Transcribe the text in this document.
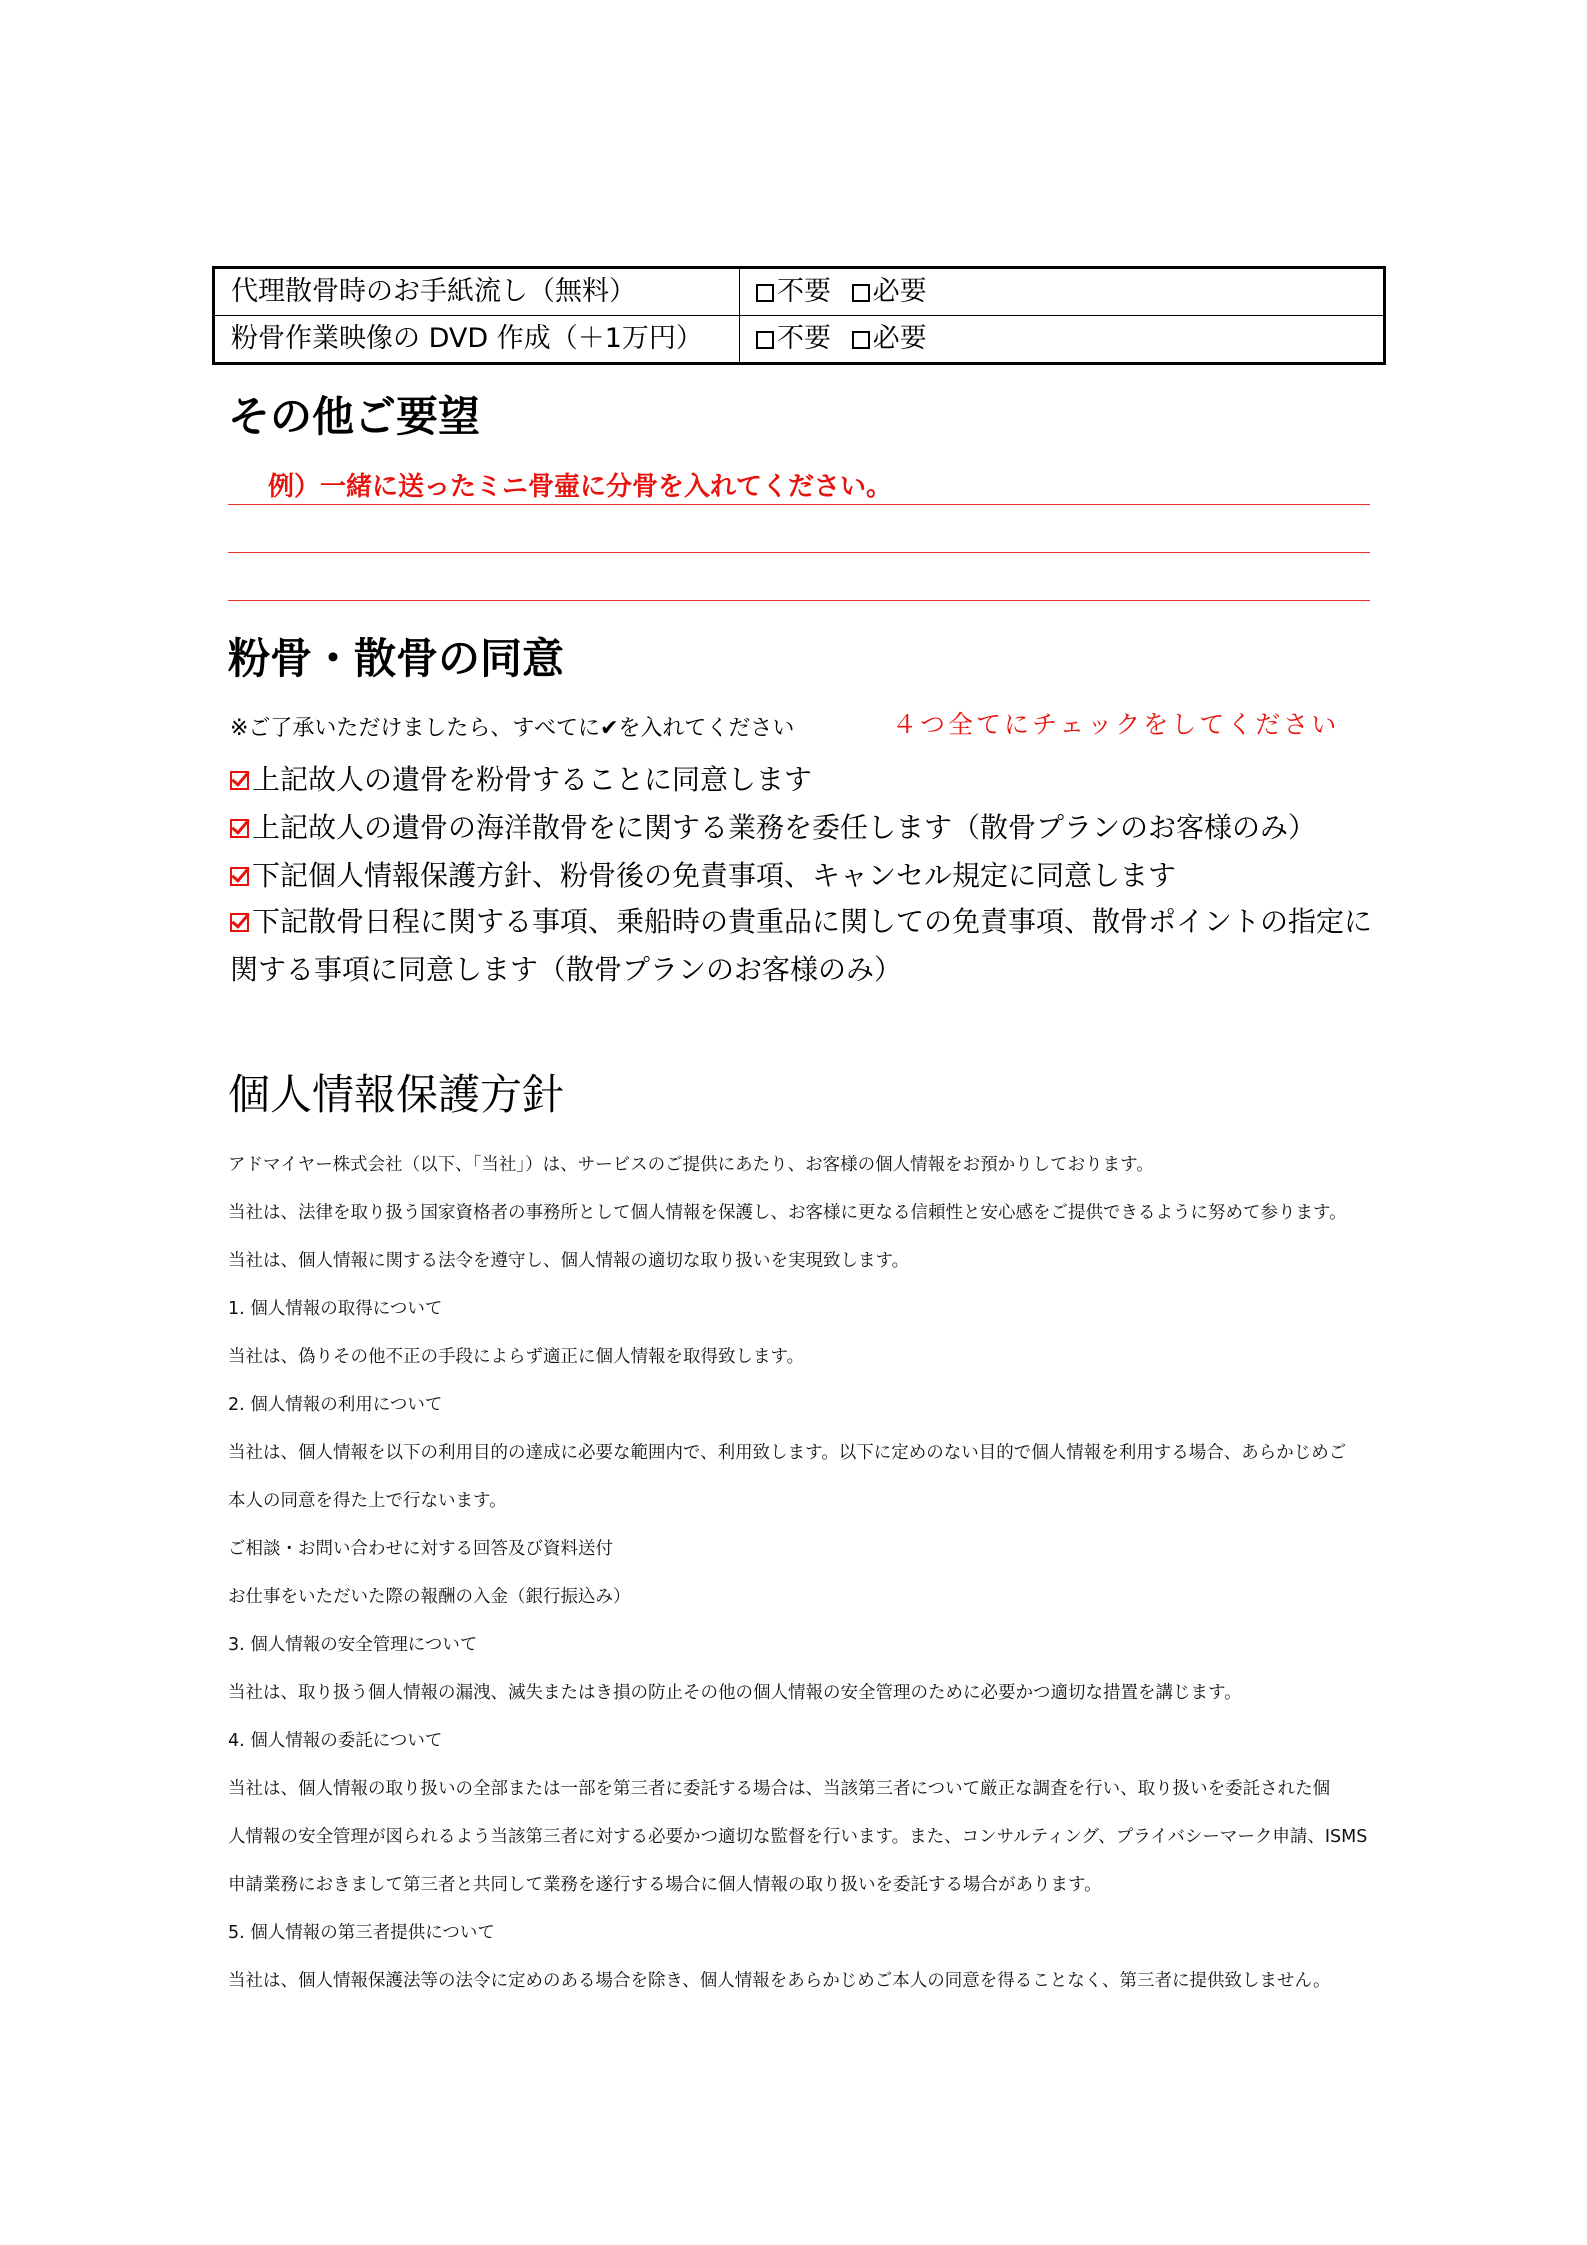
代理散骨時のお手紙流し（無料）	不要 必要
粉骨作業映像の DVD 作成（＋1万円）	不要 必要
その他ご要望
例）一緒に送ったミニ骨壷に分骨を入れてください。
粉骨・散骨の同意
※ご了承いただけましたら、すべてに✔を入れてください	４つ全てにチェックをしてください
上記故人の遺骨を粉骨することに同意します
上記故人の遺骨の海洋散骨をに関する業務を委任します（散骨プランのお客様のみ）
下記個人情報保護方針、粉骨後の免責事項、キャンセル規定に同意します
下記散骨日程に関する事項、乗船時の貴重品に関しての免責事項、散骨ポイントの指定に関する事項に同意します（散骨プランのお客様のみ）
個人情報保護方針
アドマイヤー株式会社（以下、「当社」）は、サービスのご提供にあたり、お客様の個人情報をお預かりしております。
当社は、法律を取り扱う国家資格者の事務所として個人情報を保護し、お客様に更なる信頼性と安心感をご提供できるように努めて参ります。
当社は、個人情報に関する法令を遵守し、個人情報の適切な取り扱いを実現致します。
1. 個人情報の取得について
当社は、偽りその他不正の手段によらず適正に個人情報を取得致します。
2. 個人情報の利用について
当社は、個人情報を以下の利用目的の達成に必要な範囲内で、利用致します。以下に定めのない目的で個人情報を利用する場合、あらかじめご
本人の同意を得た上で行ないます。
ご相談・お問い合わせに対する回答及び資料送付
お仕事をいただいた際の報酬の入金（銀行振込み）
3. 個人情報の安全管理について
当社は、取り扱う個人情報の漏洩、滅失またはき損の防止その他の個人情報の安全管理のために必要かつ適切な措置を講じます。
4. 個人情報の委託について
当社は、個人情報の取り扱いの全部または一部を第三者に委託する場合は、当該第三者について厳正な調査を行い、取り扱いを委託された個
人情報の安全管理が図られるよう当該第三者に対する必要かつ適切な監督を行います。また、コンサルティング、プライバシーマーク申請、ISMS
申請業務におきまして第三者と共同して業務を遂行する場合に個人情報の取り扱いを委託する場合があります。
5. 個人情報の第三者提供について
当社は、個人情報保護法等の法令に定めのある場合を除き、個人情報をあらかじめご本人の同意を得ることなく、第三者に提供致しません。
